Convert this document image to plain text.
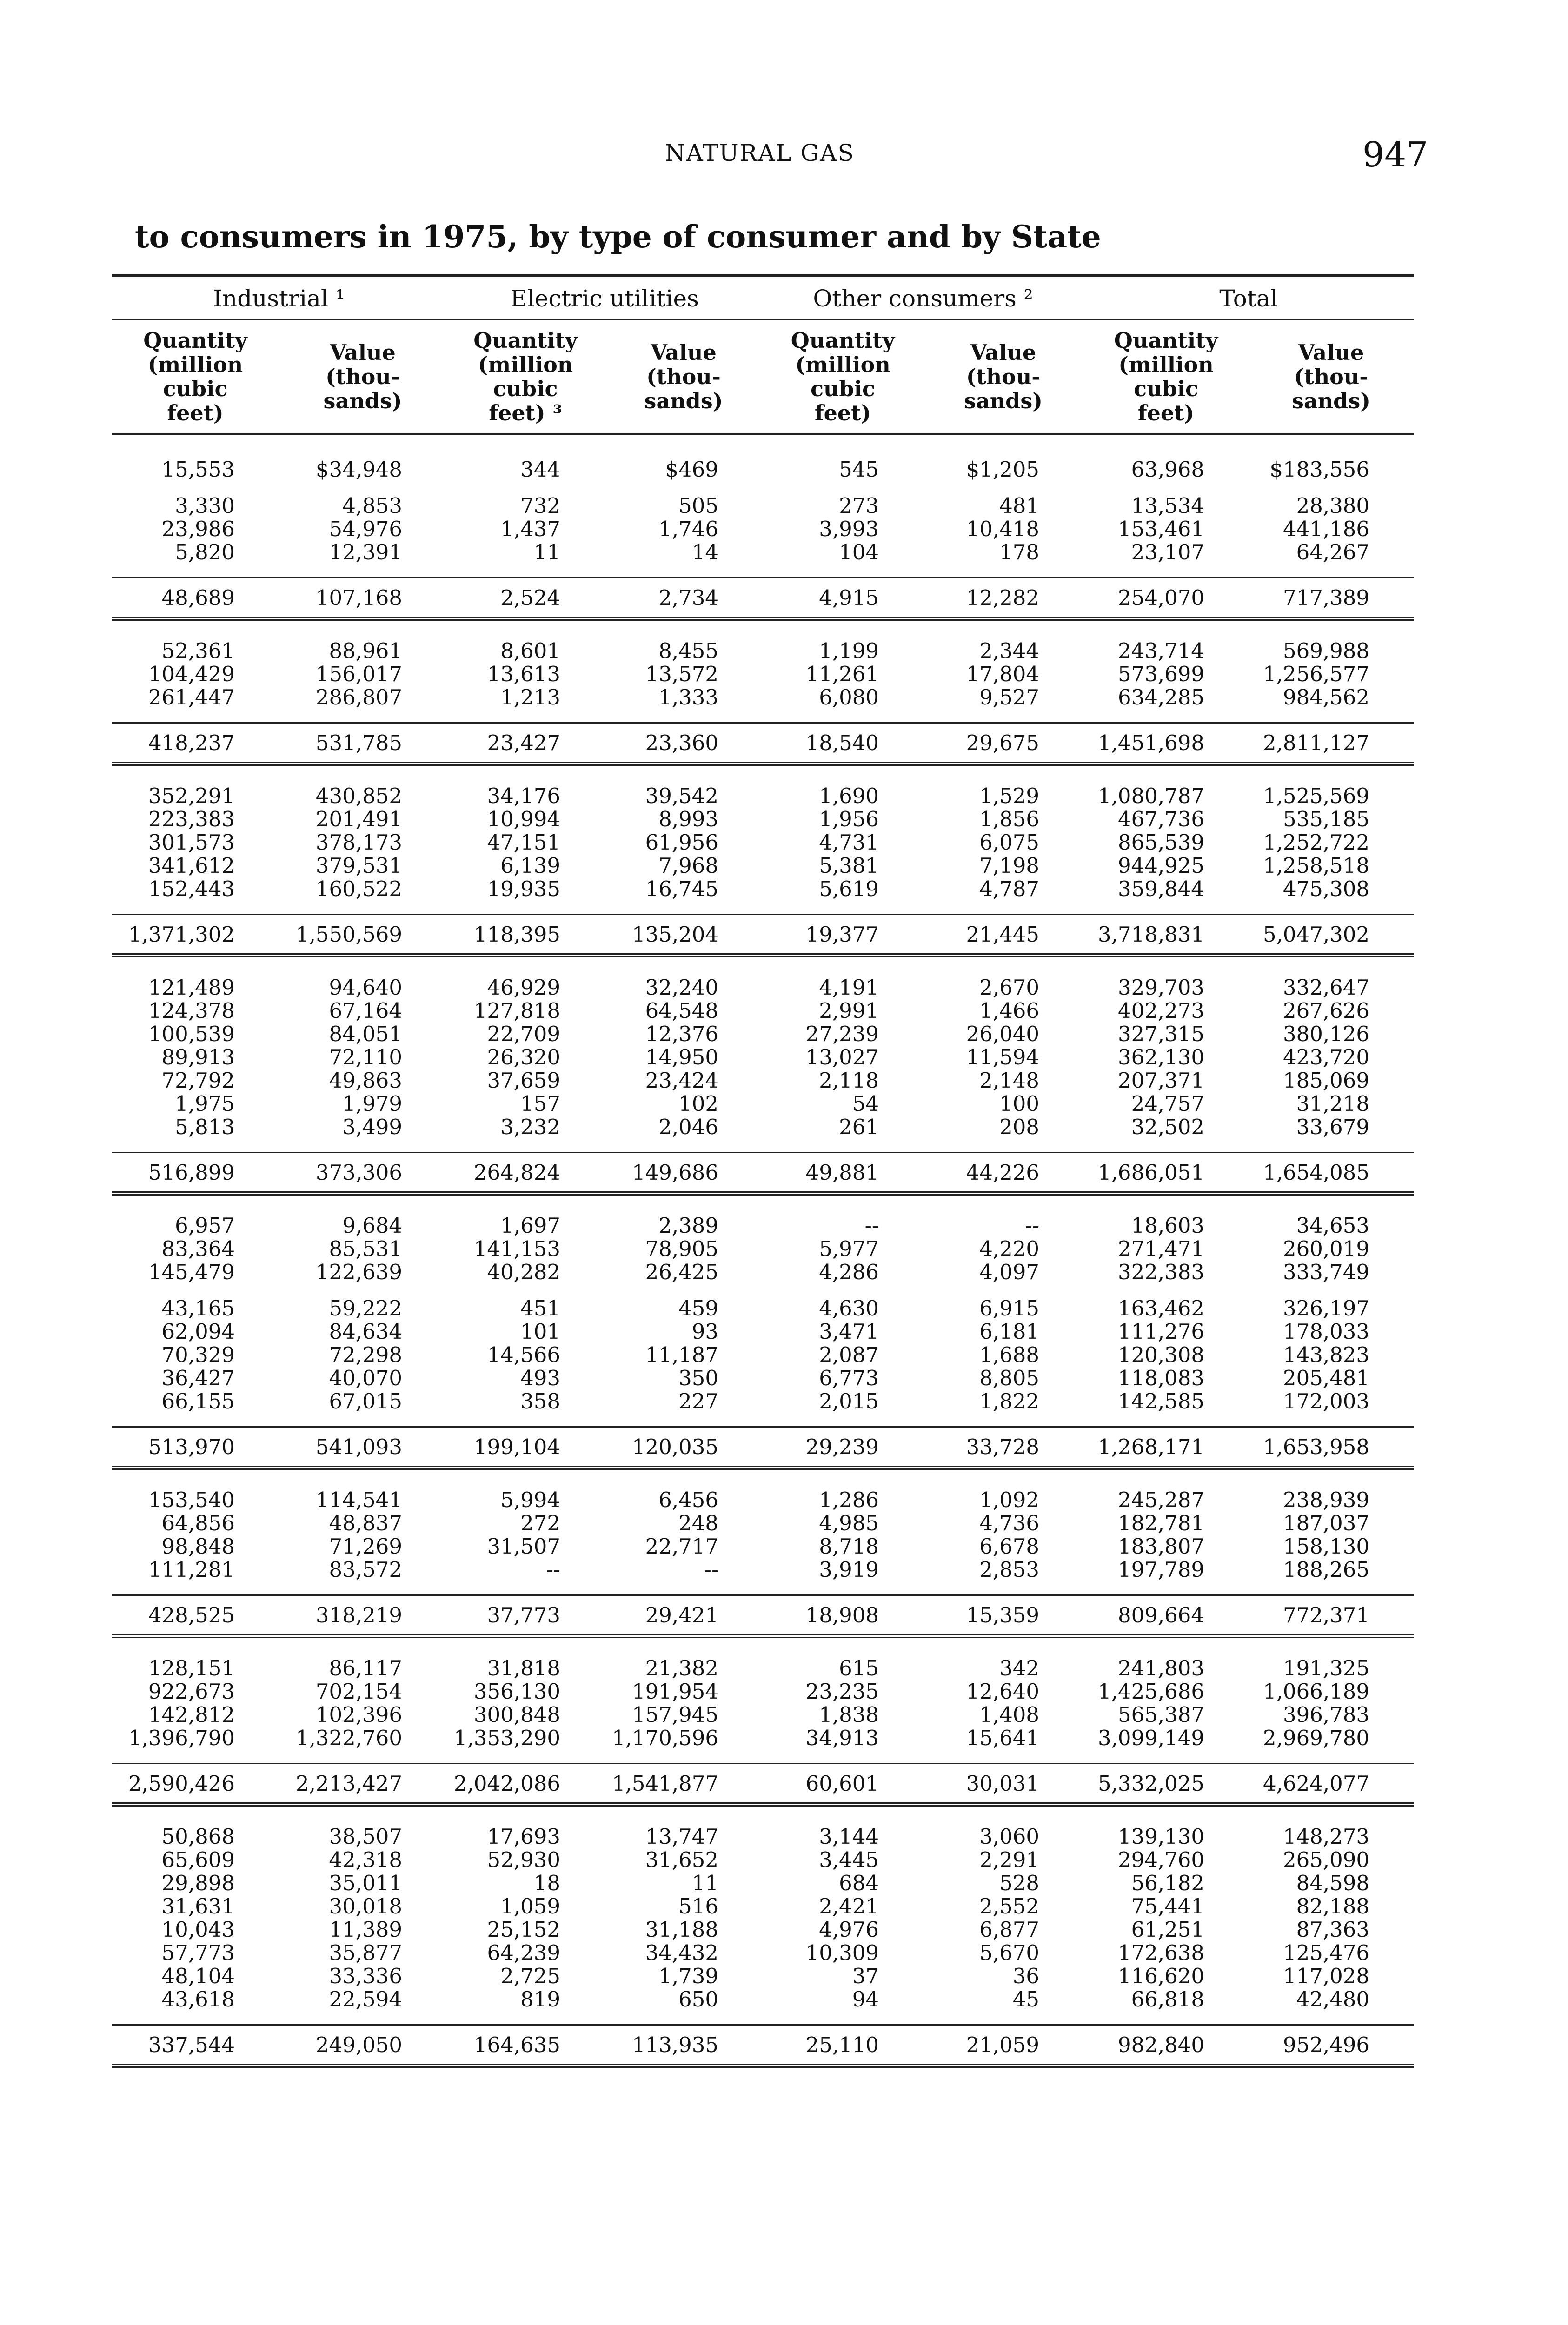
NATURAL GAS	947
to consumers in 1975, by type of consumer and by State
Industrial ¹		Electric utilities		Other consumers ²		Total	
Quantity
(million
cubic
feet)	Value
(thou-
sands)	Quantity
(million
cubic
feet) ³	Value
(thou-
sands)	Quantity
(million
cubic
feet)	Value
(thou-
sands)	Quantity
(million
cubic
feet)	Value
(thou-
sands)

15,553	$34,948	344	$469	545	$1,205	63,968	$183,556

3,330	4,853	732	505	273	481	13,534	28,380
23,986	54,976	1,437	1,746	3,993	10,418	153,461	441,186
5,820	12,391	11	14	104	178	23,107	64,267

48,689	107,168	2,524	2,734	4,915	12,282	254,070	717,389

52,361	88,961	8,601	8,455	1,199	2,344	243,714	569,988
104,429	156,017	13,613	13,572	11,261	17,804	573,699	1,256,577
261,447	286,807	1,213	1,333	6,080	9,527	634,285	984,562

418,237	531,785	23,427	23,360	18,540	29,675	1,451,698	2,811,127

352,291	430,852	34,176	39,542	1,690	1,529	1,080,787	1,525,569
223,383	201,491	10,994	8,993	1,956	1,856	467,736	535,185
301,573	378,173	47,151	61,956	4,731	6,075	865,539	1,252,722
341,612	379,531	6,139	7,968	5,381	7,198	944,925	1,258,518
152,443	160,522	19,935	16,745	5,619	4,787	359,844	475,308

1,371,302	1,550,569	118,395	135,204	19,377	21,445	3,718,831	5,047,302

121,489	94,640	46,929	32,240	4,191	2,670	329,703	332,647
124,378	67,164	127,818	64,548	2,991	1,466	402,273	267,626
100,539	84,051	22,709	12,376	27,239	26,040	327,315	380,126
89,913	72,110	26,320	14,950	13,027	11,594	362,130	423,720
72,792	49,863	37,659	23,424	2,118	2,148	207,371	185,069
1,975	1,979	157	102	54	100	24,757	31,218
5,813	3,499	3,232	2,046	261	208	32,502	33,679

516,899	373,306	264,824	149,686	49,881	44,226	1,686,051	1,654,085

6,957	9,684	1,697	2,389	--	--	18,603	34,653
83,364	85,531	141,153	78,905	5,977	4,220	271,471	260,019
145,479	122,639	40,282	26,425	4,286	4,097	322,383	333,749

43,165	59,222	451	459	4,630	6,915	163,462	326,197
62,094	84,634	101	93	3,471	6,181	111,276	178,033
70,329	72,298	14,566	11,187	2,087	1,688	120,308	143,823
36,427	40,070	493	350	6,773	8,805	118,083	205,481
66,155	67,015	358	227	2,015	1,822	142,585	172,003

513,970	541,093	199,104	120,035	29,239	33,728	1,268,171	1,653,958

153,540	114,541	5,994	6,456	1,286	1,092	245,287	238,939
64,856	48,837	272	248	4,985	4,736	182,781	187,037
98,848	71,269	31,507	22,717	8,718	6,678	183,807	158,130
111,281	83,572	--	--	3,919	2,853	197,789	188,265

428,525	318,219	37,773	29,421	18,908	15,359	809,664	772,371

128,151	86,117	31,818	21,382	615	342	241,803	191,325
922,673	702,154	356,130	191,954	23,235	12,640	1,425,686	1,066,189
142,812	102,396	300,848	157,945	1,838	1,408	565,387	396,783
1,396,790	1,322,760	1,353,290	1,170,596	34,913	15,641	3,099,149	2,969,780

2,590,426	2,213,427	2,042,086	1,541,877	60,601	30,031	5,332,025	4,624,077

50,868	38,507	17,693	13,747	3,144	3,060	139,130	148,273
65,609	42,318	52,930	31,652	3,445	2,291	294,760	265,090
29,898	35,011	18	11	684	528	56,182	84,598
31,631	30,018	1,059	516	2,421	2,552	75,441	82,188
10,043	11,389	25,152	31,188	4,976	6,877	61,251	87,363
57,773	35,877	64,239	34,432	10,309	5,670	172,638	125,476
48,104	33,336	2,725	1,739	37	36	116,620	117,028
43,618	22,594	819	650	94	45	66,818	42,480

337,544	249,050	164,635	113,935	25,110	21,059	982,840	952,496
